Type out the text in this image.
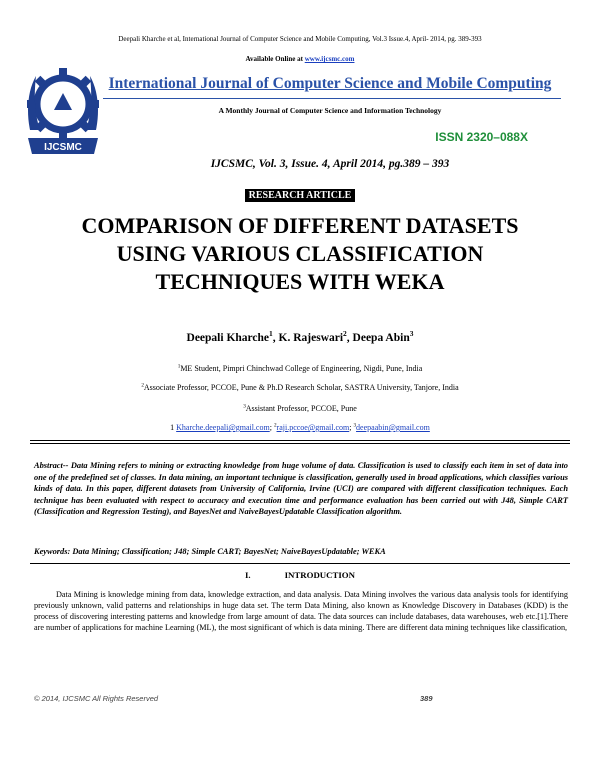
Deepali Kharche et al, International Journal of Computer Science and Mobile Computing, Vol.3 Issue.4, April- 2014, pg. 389-393
Available Online at www.ijcsmc.com
IJCSMC
International Journal of Computer Science and Mobile Computing
A Monthly Journal of Computer Science and Information Technology
ISSN 2320–088X
IJCSMC, Vol. 3, Issue. 4, April 2014, pg.389 – 393
RESEARCH ARTICLE
COMPARISON OF DIFFERENT DATASETS
USING VARIOUS CLASSIFICATION
TECHNIQUES WITH WEKA
Deepali Kharche$^1$, K. Rajeswari$^2$, Deepa Abin$^3$
$^1$ME Student, Pimpri Chinchwad College of Engineering, Nigdi, Pune, India
$^2$Associate Professor, PCCOE, Pune & Ph.D Research Scholar, SASTRA University, Tanjore, India
$^3$Assistant Professor, PCCOE, Pune
1 Kharche.deepali@gmail.com; $^2$raji.pccoe@gmail.com; $^3$deepaabin@gmail.com
Abstract-- Data Mining refers to mining or extracting knowledge from huge volume of data. Classification is used to classify each item in set of data into one of the predefined set of classes. In data mining, an important technique is classification, generally used in broad applications, which classifies various kinds of data. In this paper, different datasets from University of California, Irvine (UCI) are compared with different classification techniques. Each technique has been evaluated with respect to accuracy and execution time and performance evaluation has been carried out with J48, Simple CART (Classification and Regression Testing), and BayesNet and NaiveBayesUpdatable Classification algorithm.
Keywords: Data Mining; Classification; J48; Simple CART; BayesNet; NaiveBayesUpdatable; WEKA
I.	INTRODUCTION
Data Mining is knowledge mining from data, knowledge extraction, and data analysis. Data Mining involves the various data analysis tools for identifying previously unknown, valid patterns and relationships in huge data set. The term Data Mining, also known as Knowledge Discovery in Databases (KDD) is the process of discovering interesting patterns and knowledge from large amount of data. The data sources can include databases, data warehouses, web etc.[1].There are number of applications for machine Learning (ML), the most significant of which is data mining. There are different data mining techniques like classification,
© 2014, IJCSMC All Rights Reserved	389
